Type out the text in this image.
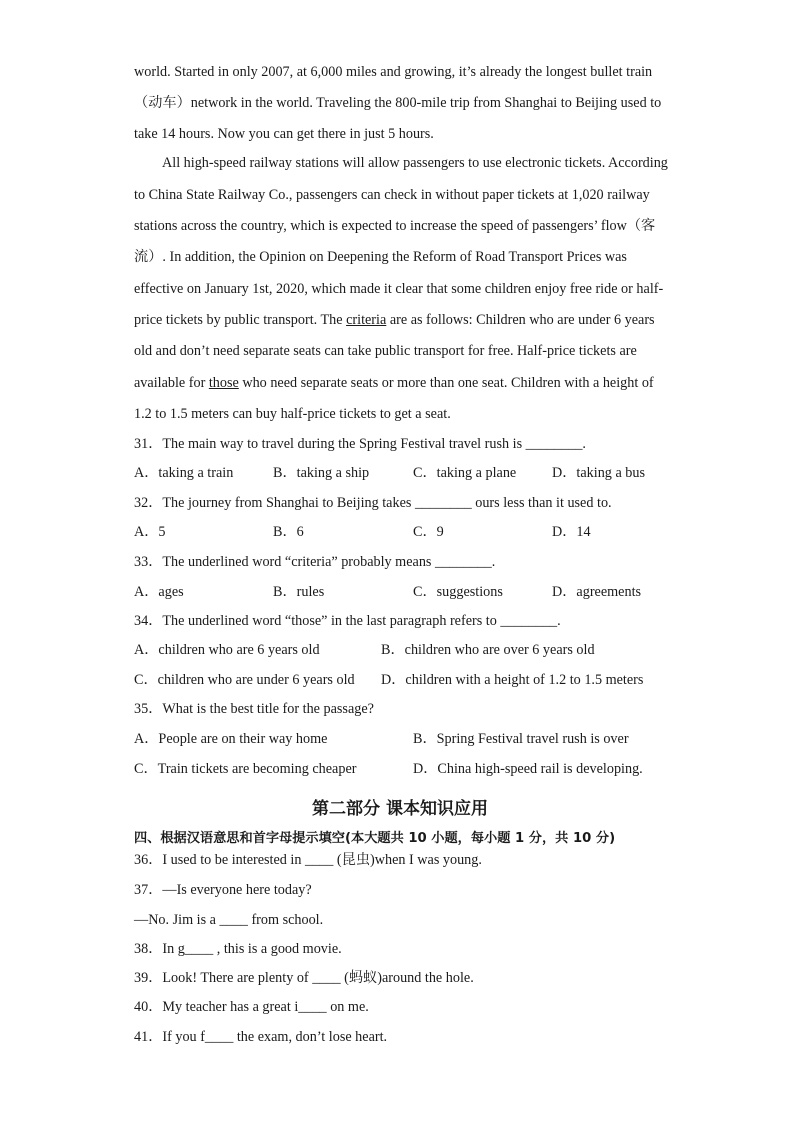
world. Started in only 2007, at 6,000 miles and growing, it’s already the longest bullet train
（动车）network in the world. Traveling the 800-mile trip from Shanghai to Beijing used to
take 14 hours. Now you can get there in just 5 hours.
All high-speed railway stations will allow passengers to use electronic tickets. According
to China State Railway Co., passengers can check in without paper tickets at 1,020 railway
stations across the country, which is expected to increase the speed of passengers’ flow（客
流）. In addition, the Opinion on Deepening the Reform of Road Transport Prices was
effective on January 1st, 2020, which made it clear that some children enjoy free ride or half-
price tickets by public transport. The criteria are as follows: Children who are under 6 years
old and don’t need separate seats can take public transport for free. Half-price tickets are
available for those who need separate seats or more than one seat. Children with a height of
1.2 to 1.5 meters can buy half-price tickets to get a seat.
31．The main way to travel during the Spring Festival travel rush is ________.
A．taking a train	B．taking a ship	C．taking a plane	D．taking a bus
32．The journey from Shanghai to Beijing takes ________ ours less than it used to.
A．5	B．6	C．9	D．14
33．The underlined word “criteria” probably means ________.
A．ages	B．rules	C．suggestions	D．agreements
34．The underlined word “those” in the last paragraph refers to ________.
A．children who are 6 years old	B．children who are over 6 years old
C．children who are under 6 years old D．children with a height of 1.2 to 1.5 meters
35．What is the best title for the passage?
A．People are on their way home	B．Spring Festival travel rush is over
C．Train tickets are becoming cheaper	D．China high-speed rail is developing.
第二部分 课本知识应用
四、根据汉语意思和首字母提示填空(本大题共 10 小题，每小题 1 分，共 10 分)
36．I used to be interested in ____ (昆虫)when I was young.
37．—Is everyone here today?
—No. Jim is a ____ from school.
38．In g____ , this is a good movie.
39．Look! There are plenty of ____ (蚂蚁)around the hole.
40．My teacher has a great i____ on me.
41．If you f____ the exam, don’t lose heart.
